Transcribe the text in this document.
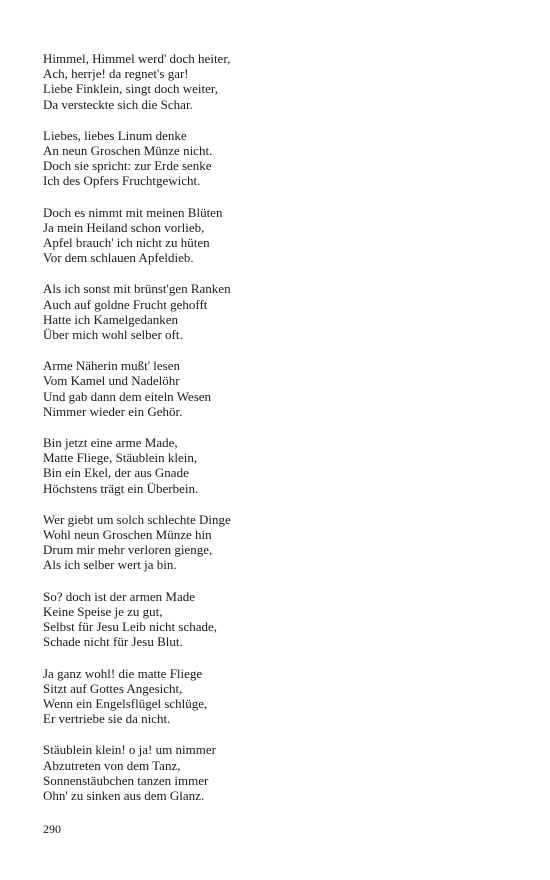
Himmel, Himmel werd' doch heiter,
Ach, herrje! da regnet's gar!
Liebe Finklein, singt doch weiter,
Da versteckte sich die Schar.
Liebes, liebes Linum denke
An neun Groschen Münze nicht.
Doch sie spricht: zur Erde senke
Ich des Opfers Fruchtgewicht.
Doch es nimmt mit meinen Blüten
Ja mein Heiland schon vorlieb,
Apfel brauch' ich nicht zu hüten
Vor dem schlauen Apfeldieb.
Als ich sonst mit brünst'gen Ranken
Auch auf goldne Frucht gehofft
Hatte ich Kamelgedanken
Über mich wohl selber oft.
Arme Näherin mußt' lesen
Vom Kamel und Nadelöhr
Und gab dann dem eiteln Wesen
Nimmer wieder ein Gehör.
Bin jetzt eine arme Made,
Matte Fliege, Stäublein klein,
Bin ein Ekel, der aus Gnade
Höchstens trägt ein Überbein.
Wer giebt um solch schlechte Dinge
Wohl neun Groschen Münze hin
Drum mir mehr verloren gienge,
Als ich selber wert ja bin.
So? doch ist der armen Made
Keine Speise je zu gut,
Selbst für Jesu Leib nicht schade,
Schade nicht für Jesu Blut.
Ja ganz wohl! die matte Fliege
Sitzt auf Gottes Angesicht,
Wenn ein Engelsflügel schlüge,
Er vertriebe sie da nicht.
Stäublein klein! o ja! um nimmer
Abzutreten von dem Tanz,
Sonnenstäubchen tanzen immer
Ohn' zu sinken aus dem Glanz.
290
